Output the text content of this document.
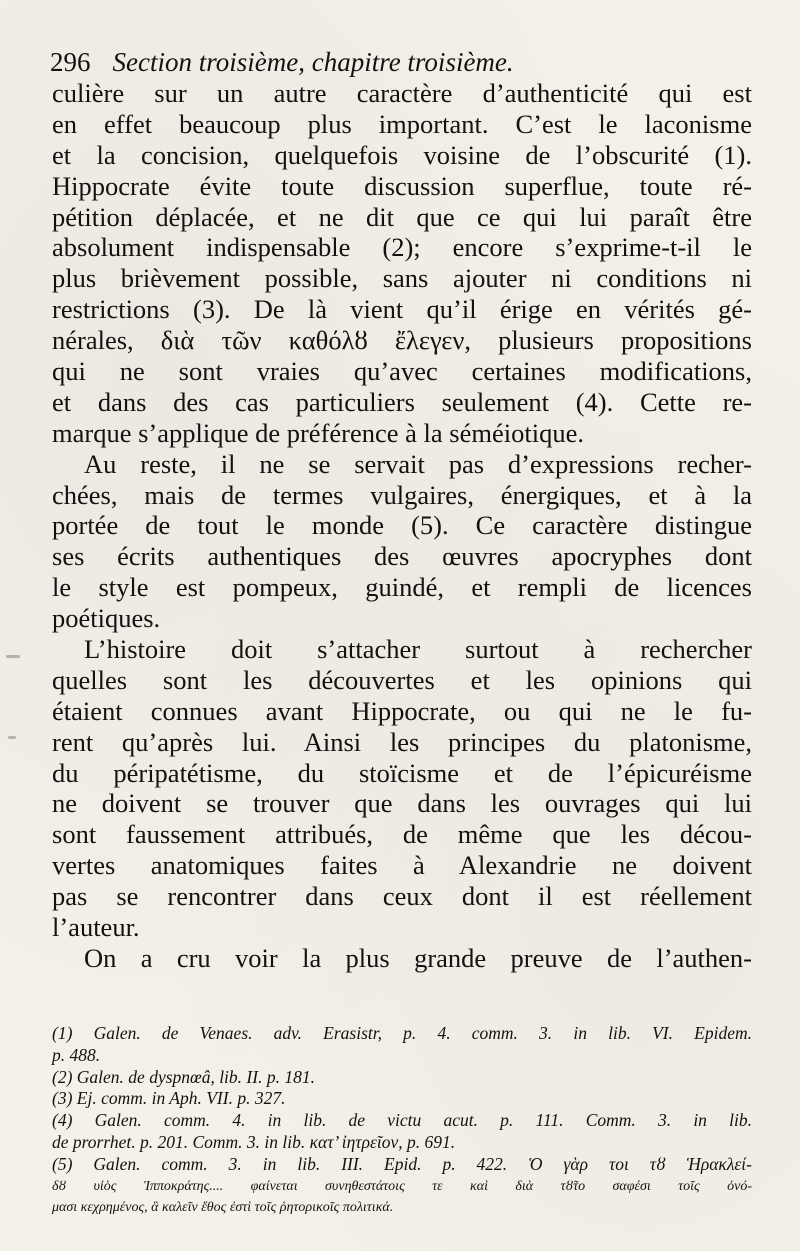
296 Section troisième, chapitre troisième.
culière sur un autre caractère d’authenticité qui est
en effet beaucoup plus important. C’est le laconisme
et la concision, quelquefois voisine de l’obscurité (1).
Hippocrate évite toute discussion superflue, toute ré-
pétition déplacée, et ne dit que ce qui lui paraît être
absolument indispensable (2); encore s’exprime-t-il le
plus brièvement possible, sans ajouter ni conditions ni
restrictions (3). De là vient qu’il érige en vérités gé-
nérales, διὰ τῶν καθόλȣ ἔλεγεν, plusieurs propositions
qui ne sont vraies qu’avec certaines modifications,
et dans des cas particuliers seulement (4). Cette re-
marque s’applique de préférence à la séméiotique.
Au reste, il ne se servait pas d’expressions recher-
chées, mais de termes vulgaires, énergiques, et à la
portée de tout le monde (5). Ce caractère distingue
ses écrits authentiques des œuvres apocryphes dont
le style est pompeux, guindé, et rempli de licences
poétiques.
L’histoire doit s’attacher surtout à rechercher
quelles sont les découvertes et les opinions qui
étaient connues avant Hippocrate, ou qui ne le fu-
rent qu’après lui. Ainsi les principes du platonisme,
du péripatétisme, du stoïcisme et de l’épicuréisme
ne doivent se trouver que dans les ouvrages qui lui
sont faussement attribués, de même que les décou-
vertes anatomiques faites à Alexandrie ne doivent
pas se rencontrer dans ceux dont il est réellement
l’auteur.
On a cru voir la plus grande preuve de l’authen-
(1) Galen. de Venaes. adv. Erasistr, p. 4. comm. 3. in lib. VI. Epidem.
p. 488.
(2) Galen. de dyspnœâ, lib. II. p. 181.
(3) Ej. comm. in Aph. VII. p. 327.
(4) Galen. comm. 4. in lib. de victu acut. p. 111. Comm. 3. in lib.
de prorrhet. p. 201. Comm. 3. in lib. κατ’ ἰητρεῖον, p. 691.
(5) Galen. comm. 3. in lib. III. Epid. p. 422. Ὁ γὰρ τοι τȣ Ἡρακλεί-
δȣ υἱὸς Ἱπποκράτης.... φαίνεται συνηθεστάτοις τε καὶ διὰ τȣ̃το σαφέσι τοῖς ὀνό-
μασι κεχρημένος, ἃ καλεῖν ἔθος ἐστὶ τοῖς ῥητορικοῖς πολιτικά.
